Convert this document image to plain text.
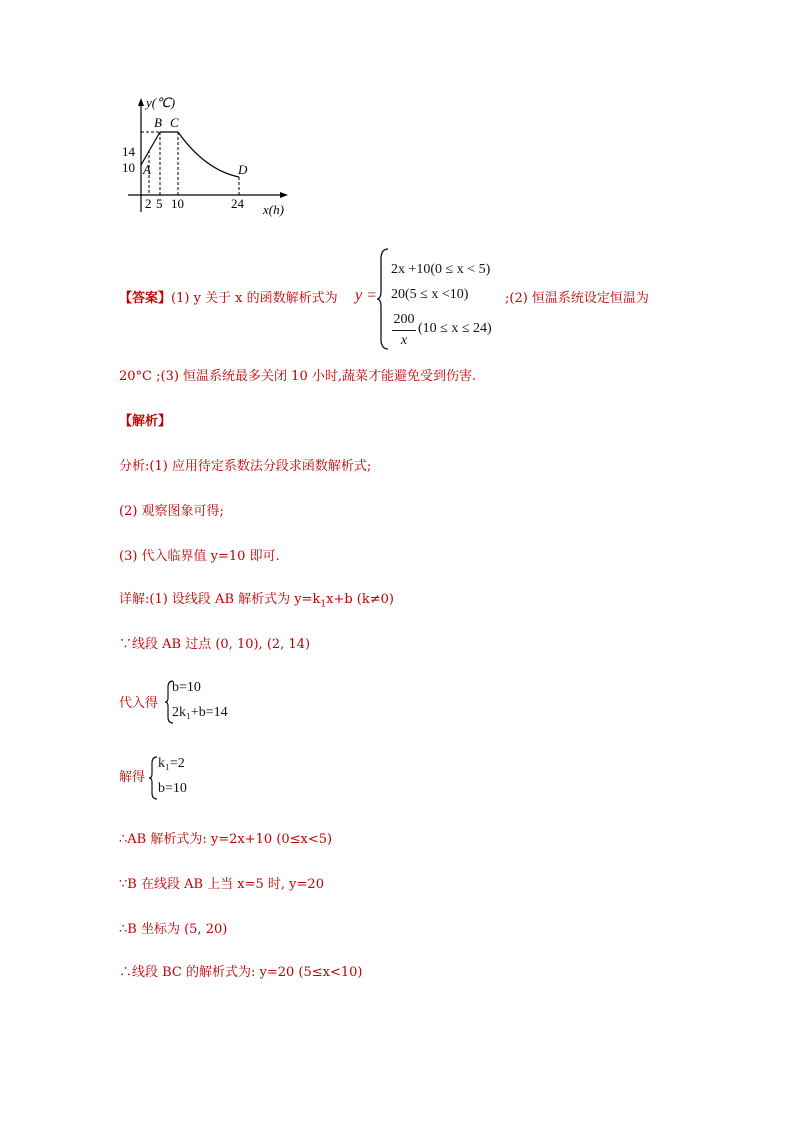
y(℃)
x(h)
14
10
2 5 10	24
A
B C
D
【答案】(1) y 关于 x 的函数解析式为 y =
2x +10(0 ≤ x < 5)
20(5 ≤ x <10)
200
x
(10 ≤ x ≤ 24)
;(2) 恒温系统设定恒温为
20°C ;(3) 恒温系统最多关闭 10 小时,蔬菜才能避免受到伤害.
【解析】
分析:(1) 应用待定系数法分段求函数解析式;
(2) 观察图象可得;
(3) 代入临界值 y=10 即可.
详解:(1) 设线段 AB 解析式为 $y=k_1x+b$ (k≠0)
∵线段 AB 过点 (0, 10), (2, 14)
代入得
b=10
2k₁+b=14
解得
k₁=2
b=10
∴AB 解析式为: y=2x+10 (0≤x<5)
∵B 在线段 AB 上当 x=5 时, y=20
∴B 坐标为 (5, 20)
∴线段 BC 的解析式为: y=20 (5≤x<10)
